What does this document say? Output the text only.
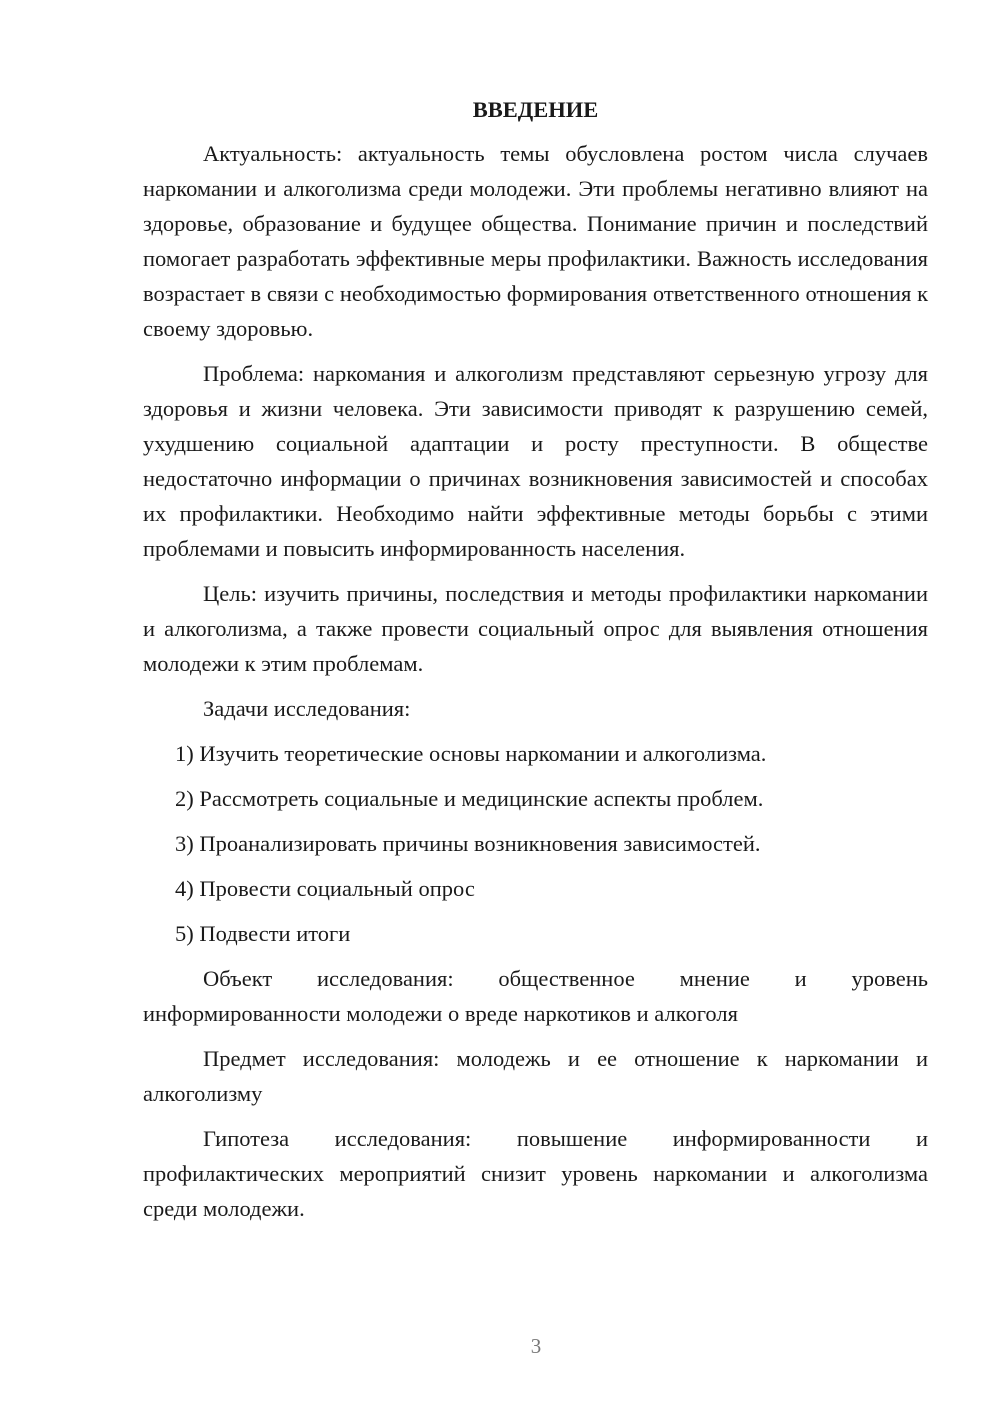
ВВЕДЕНИЕ

Актуальность: актуальность темы обусловлена ростом числа случаев наркомании и алкоголизма среди молодежи. Эти проблемы негативно влияют на здоровье, образование и будущее общества. Понимание причин и последствий помогает разработать эффективные меры профилактики. Важность исследования возрастает в связи с необходимостью формирования ответственного отношения к своему здоровью.

Проблема: наркомания и алкоголизм представляют серьезную угрозу для здоровья и жизни человека. Эти зависимости приводят к разрушению семей, ухудшению социальной адаптации и росту преступности. В обществе недостаточно информации о причинах возникновения зависимостей и способах их профилактики. Необходимо найти эффективные методы борьбы с этими проблемами и повысить информированность населения.

Цель: изучить причины, последствия и методы профилактики наркомании и алкоголизма, а также провести социальный опрос для выявления отношения молодежи к этим проблемам.

Задачи исследования:

1) Изучить теоретические основы наркомании и алкоголизма.
2) Рассмотреть социальные и медицинские аспекты проблем.
3) Проанализировать причины возникновения зависимостей.
4) Провести социальный опрос
5) Подвести итоги

Объект исследования: общественное мнение и уровень информированности молодежи о вреде наркотиков и алкоголя

Предмет исследования: молодежь и ее отношение к наркомании и алкоголизму

Гипотеза исследования: повышение информированности и профилактических мероприятий снизит уровень наркомании и алкоголизма среди молодежи.

3
